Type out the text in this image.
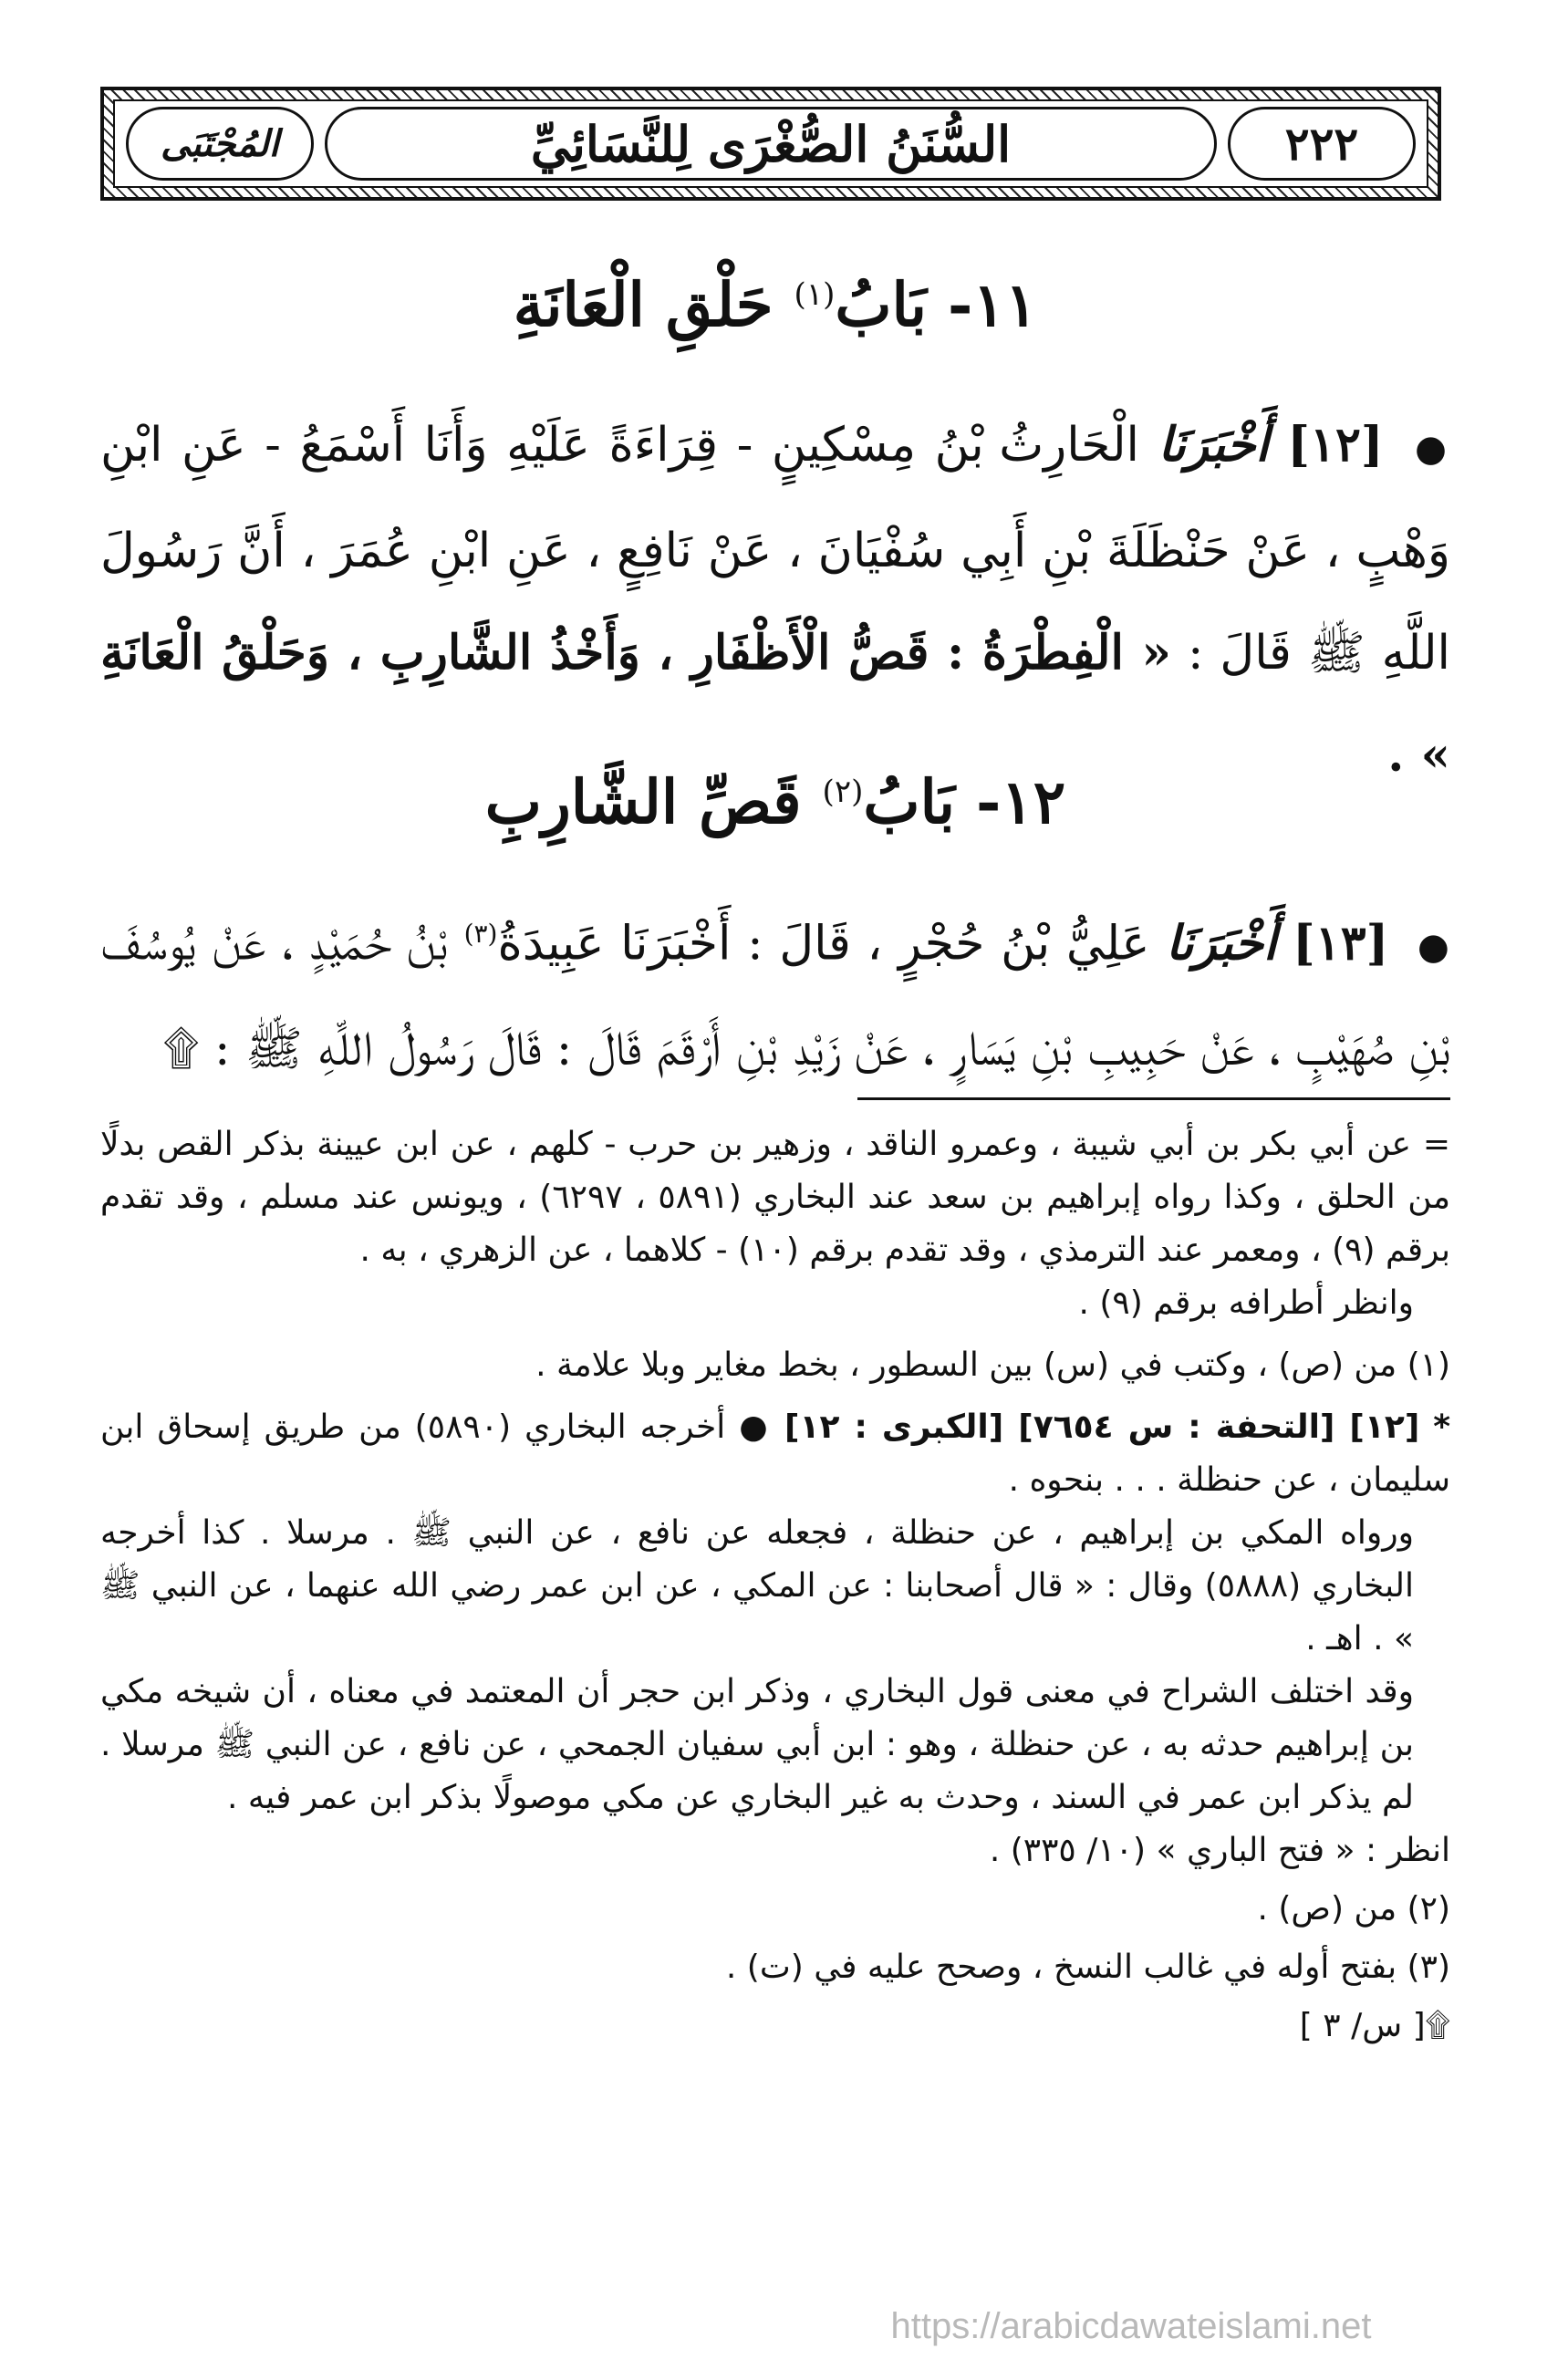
٢٢٢
السُّنَنُ الصُّغْرَى لِلنَّسَائِيِّ
المُجْتَبَى
١١- بَابُ$^{(١)}$ حَلْقِ الْعَانَةِ
● [١٢] أَخْبَرَنَا الْحَارِثُ بْنُ مِسْكِينٍ - قِرَاءَةً عَلَيْهِ وَأَنَا أَسْمَعُ - عَنِ ابْنِ وَهْبٍ ، عَنْ حَنْظَلَةَ بْنِ أَبِي سُفْيَانَ ، عَنْ نَافِعٍ ، عَنِ ابْنِ عُمَرَ ، أَنَّ رَسُولَ اللَّهِ ﷺ قَالَ : « الْفِطْرَةُ : قَصُّ الْأَظْفَارِ ، وَأَخْذُ الشَّارِبِ ، وَحَلْقُ الْعَانَةِ » .
١٢- بَابُ$^{(٢)}$ قَصِّ الشَّارِبِ
● [١٣] أَخْبَرَنَا عَلِيُّ بْنُ حُجْرٍ ، قَالَ : أَخْبَرَنَا عَبِيدَةُ$^{(٣)}$ بْنُ حُمَيْدٍ ، عَنْ يُوسُفَ بْنِ صُهَيْبٍ ، عَنْ حَبِيبِ بْنِ يَسَارٍ ، عَنْ زَيْدِ بْنِ أَرْقَمَ قَالَ : قَالَ رَسُولُ اللَّهِ ﷺ : ۩

= عن أبي بكر بن أبي شيبة ، وعمرو الناقد ، وزهير بن حرب - كلهم ، عن ابن عيينة بذكر القص بدلًا من الحلق ، وكذا رواه إبراهيم بن سعد عند البخاري (٥٨٩١ ، ٦٢٩٧) ، ويونس عند مسلم ، وقد تقدم برقم (٩) ، ومعمر عند الترمذي ، وقد تقدم برقم (١٠) - كلاهما ، عن الزهري ، به .

وانظر أطرافه برقم (٩) .

(١) من (ص) ، وكتب في (س) بين السطور ، بخط مغاير وبلا علامة .

* [١٢] [التحفة : س ٧٦٥٤] [الكبرى : ١٢] ● أخرجه البخاري (٥٨٩٠) من طريق إسحاق ابن سليمان ، عن حنظلة . . . بنحوه .

ورواه المكي بن إبراهيم ، عن حنظلة ، فجعله عن نافع ، عن النبي ﷺ . مرسلا . كذا أخرجه البخاري (٥٨٨٨) وقال : « قال أصحابنا : عن المكي ، عن ابن عمر رضي الله عنهما ، عن النبي ﷺ » . اهـ .

وقد اختلف الشراح في معنى قول البخاري ، وذكر ابن حجر أن المعتمد في معناه ، أن شيخه مكي بن إبراهيم حدثه به ، عن حنظلة ، وهو : ابن أبي سفيان الجمحي ، عن نافع ، عن النبي ﷺ مرسلا . لم يذكر ابن عمر في السند ، وحدث به غير البخاري عن مكي موصولًا بذكر ابن عمر فيه .

انظر : « فتح الباري » (١٠/ ٣٣٥) .

(٢) من (ص) .

(٣) بفتح أوله في غالب النسخ ، وصحح عليه في (ت) .

۩[ س/ ٣ ]

https://arabicdawateislami.net
